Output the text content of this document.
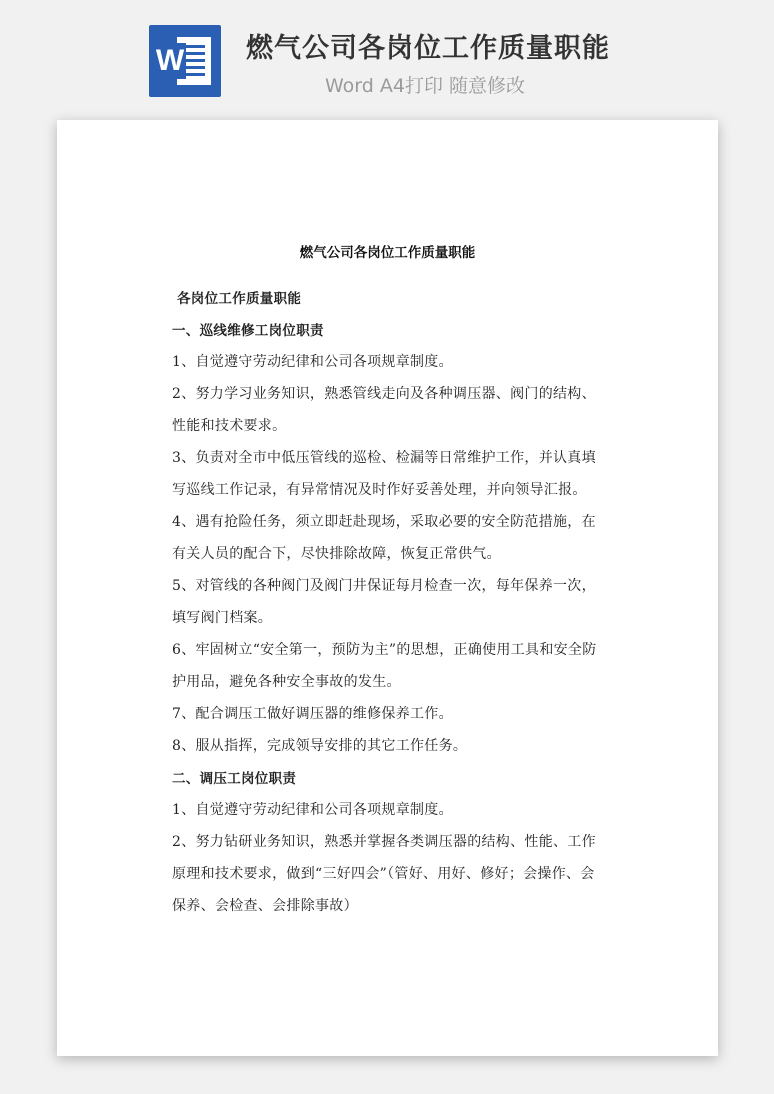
W 燃气公司各岗位工作质量职能
Word A4打印 随意修改
燃气公司各岗位工作质量职能
各岗位工作质量职能
一、巡线维修工岗位职责
1、自觉遵守劳动纪律和公司各项规章制度。
2、努力学习业务知识，熟悉管线走向及各种调压器、阀门的结构、
性能和技术要求。
3、负责对全市中低压管线的巡检、检漏等日常维护工作，并认真填
写巡线工作记录，有异常情况及时作好妥善处理，并向领导汇报。
4、遇有抢险任务，须立即赶赴现场，采取必要的安全防范措施，在
有关人员的配合下，尽快排除故障，恢复正常供气。
5、对管线的各种阀门及阀门井保证每月检查一次，每年保养一次，
填写阀门档案。
6、牢固树立“安全第一，预防为主”的思想，正确使用工具和安全防
护用品，避免各种安全事故的发生。
7、配合调压工做好调压器的维修保养工作。
8、服从指挥，完成领导安排的其它工作任务。
二、调压工岗位职责
1、自觉遵守劳动纪律和公司各项规章制度。
2、努力钻研业务知识，熟悉并掌握各类调压器的结构、性能、工作
原理和技术要求，做到“三好四会”（管好、用好、修好；会操作、会
保养、会检查、会排除事故）
